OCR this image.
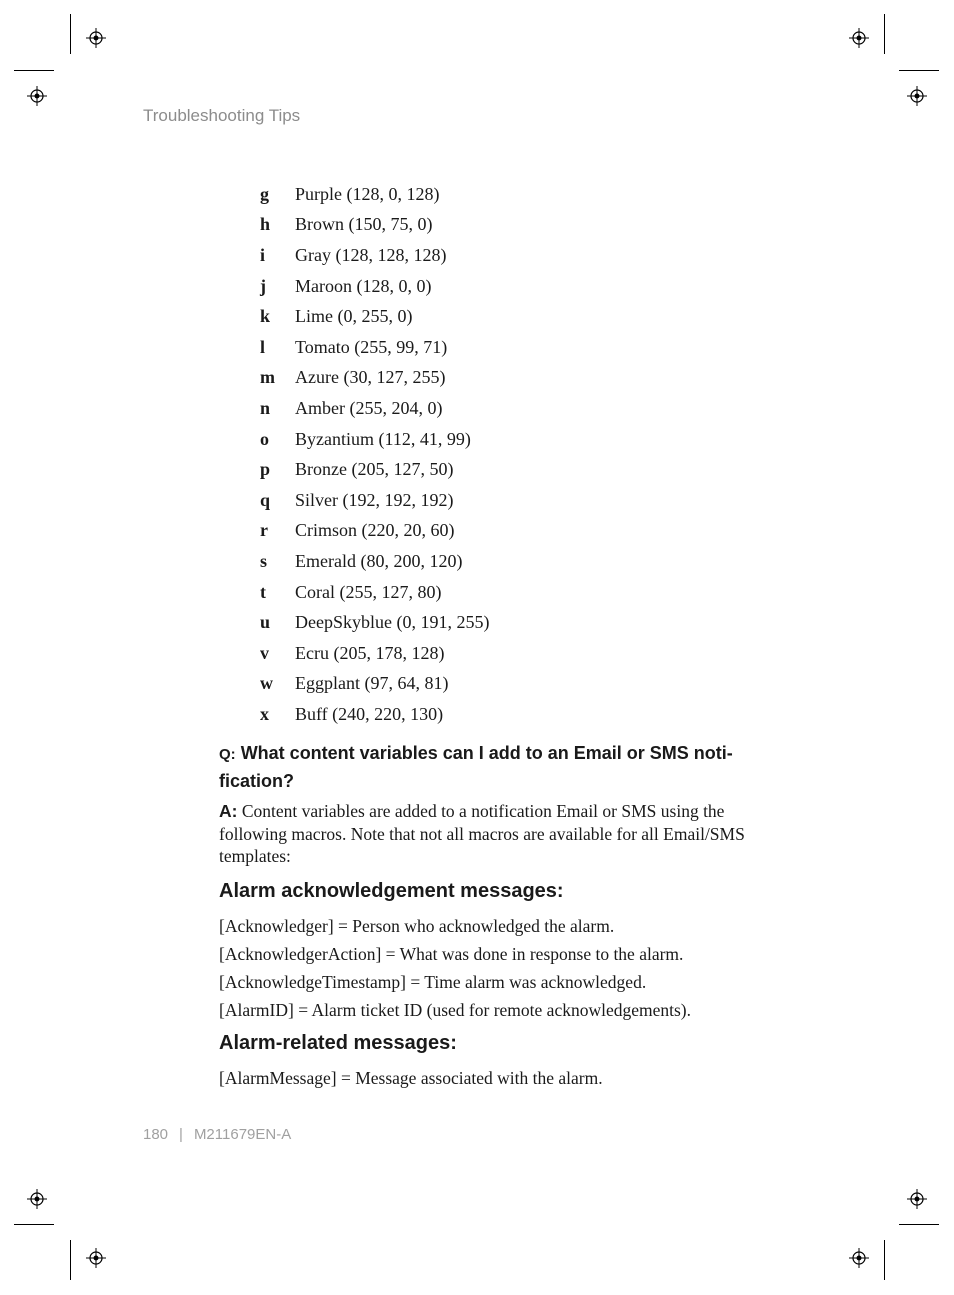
Troubleshooting Tips
g	Purple (128, 0, 128)
h	Brown (150, 75, 0)
i	Gray (128, 128, 128)
j	Maroon (128, 0, 0)
k	Lime (0, 255, 0)
l	Tomato (255, 99, 71)
m	Azure (30, 127, 255)
n	Amber (255, 204, 0)
o	Byzantium (112, 41, 99)
p	Bronze (205, 127, 50)
q	Silver (192, 192, 192)
r	Crimson (220, 20, 60)
s	Emerald (80, 200, 120)
t	Coral (255, 127, 80)
u	DeepSkyblue (0, 191, 255)
v	Ecru (205, 178, 128)
w	Eggplant (97, 64, 81)
x	Buff (240, 220, 130)

Q: What content variables can I add to an Email or SMS noti-fication?

A: Content variables are added to a notification Email or SMS using the following macros. Note that not all macros are available for all Email/SMS templates:

Alarm acknowledgement messages:

[Acknowledger] = Person who acknowledged the alarm.

[AcknowledgerAction] = What was done in response to the alarm.

[AcknowledgeTimestamp] = Time alarm was acknowledged.

[AlarmID] = Alarm ticket ID (used for remote acknowledgements).

Alarm-related messages:

[AlarmMessage] = Message associated with the alarm.

180 | M211679EN-A
